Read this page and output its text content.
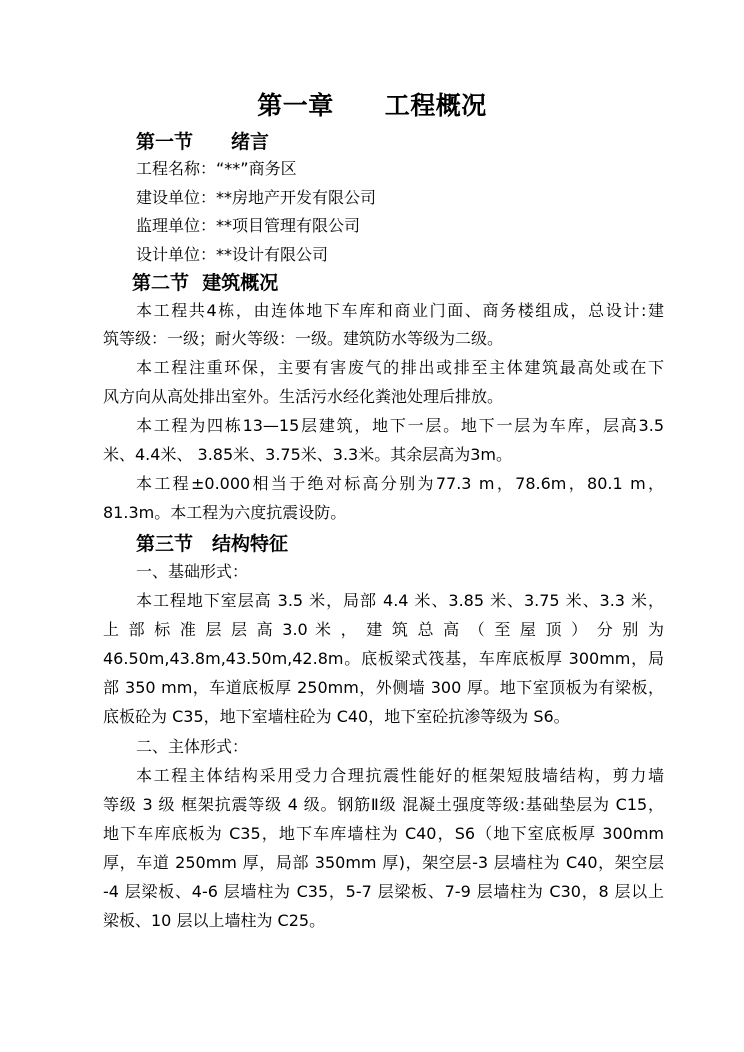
第一章　　工程概况
第一节　　绪言
工程名称：“**”商务区
建设单位：**房地产开发有限公司
监理单位：**项目管理有限公司
设计单位：**设计有限公司
第二节  建筑概况
本工程共4栋，由连体地下车库和商业门面、商务楼组成，总设计:建
筑等级：一级；耐火等级：一级。建筑防水等级为二级。
本工程注重环保，主要有害废气的排出或排至主体建筑最高处或在下
风方向从高处排出室外。生活污水经化粪池处理后排放。
本工程为四栋13—15层建筑，地下一层。地下一层为车库，层高3.5
米、4.4米、 3.85米、3.75米、3.3米。其余层高为3m。
本工程±0.000相当于绝对标高分别为77.3 m，78.6m，80.1 m，
81.3m。本工程为六度抗震设防。
第三节　结构特征
一、基础形式：
本工程地下室层高 3.5 米，局部 4.4 米、3.85 米、3.75 米、3.3 米，
上 部 标 准 层 层 高 3.0 米 ， 建 筑 总 高 （ 至 屋 顶 ） 分 别 为
46.50m,43.8m,43.50m,42.8m。底板梁式筏基，车库底板厚 300mm，局
部 350 mm，车道底板厚 250mm，外侧墙 300 厚。地下室顶板为有梁板，
底板砼为 C35，地下室墙柱砼为 C40，地下室砼抗渗等级为 S6。
二、主体形式：
本工程主体结构采用受力合理抗震性能好的框架短肢墙结构，剪力墙
等级 3 级 框架抗震等级 4 级。钢筋Ⅱ级 混凝土强度等级:基础垫层为 C15，
地下车库底板为 C35，地下车库墙柱为 C40，S6（地下室底板厚 300mm
厚，车道 250mm 厚，局部 350mm 厚)，架空层-3 层墙柱为 C40，架空层
-4 层梁板、4-6 层墙柱为 C35，5-7 层梁板、7-9 层墙柱为 C30，8 层以上
梁板、10 层以上墙柱为 C25。
